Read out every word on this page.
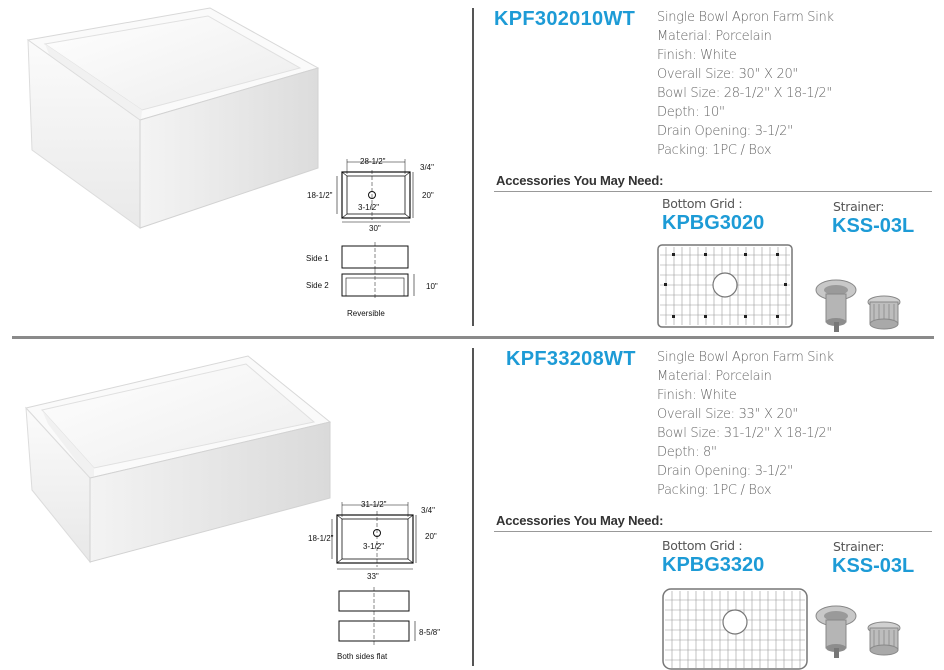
28-1/2"
3/4"
20"
18-1/2"
3-1/2"
30"
Side 1
Side 2	10"
Reversible
KPF302010WT Single Bowl Apron Farm Sink
Material: Porcelain
Finish: White
Overall Size: 30" X 20"
Bowl Size: 28-1/2" X 18-1/2"
Depth: 10"
Drain Opening: 3-1/2"
Packing: 1PC / Box
Accessories You May Need:
Bottom Grid :
KPBG3020
Strainer:
KSS-03L
31-1/2"
3/4"
20"
18-1/2"
3-1/2"
33"
8-5/8"
Both sides flat
KPF33208WT Single Bowl Apron Farm Sink
Material: Porcelain
Finish: White
Overall Size: 33" X 20"
Bowl Size: 31-1/2" X 18-1/2"
Depth: 8"
Drain Opening: 3-1/2"
Packing: 1PC / Box
Accessories You May Need:
Bottom Grid :
KPBG3320
Strainer:
KSS-03L
